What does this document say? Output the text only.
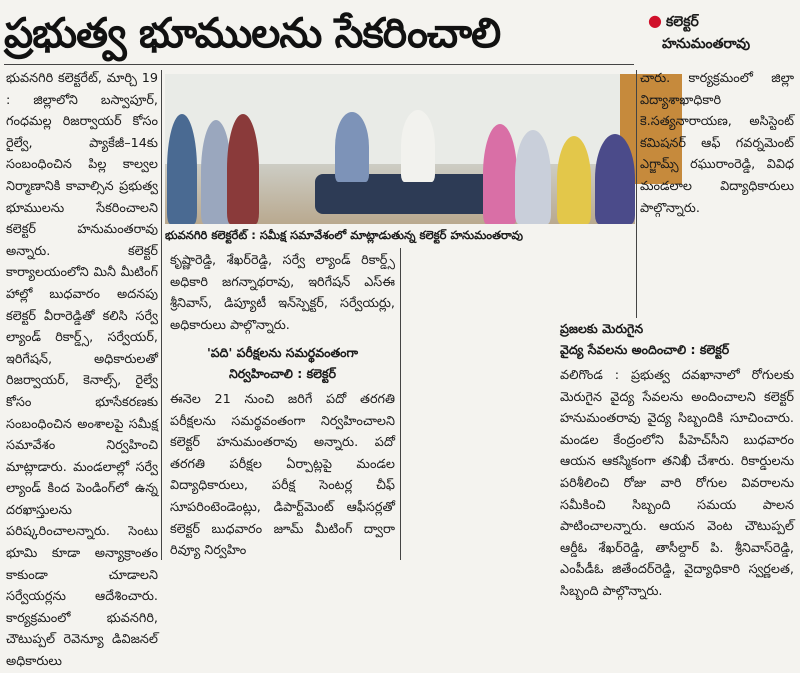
ప్రభుత్వ భూములను సేకరించాలి	● కలెక్టర్
హనుమంతరావు

భువనగిరి కలెక్టరేట్, మార్చి 19 : జిల్లాలోని బస్వాపూర్, గంధమల్ల రిజర్వాయర్ కోసం రైల్వే, ప్యాకేజీ–14కు సంబంధించిన పిల్ల కాల్వల నిర్మాణానికి కావాల్సిన ప్రభుత్వ భూములను సేకరించాలని కలెక్టర్ హనుమంతరావు అన్నారు. కలెక్టర్ కార్యాలయంలోని మినీ మీటింగ్ హాల్లో బుధవారం అదనపు కలెక్టర్ వీరారెడ్డితో కలిసి సర్వే ల్యాండ్ రికార్డ్స్, సర్వేయర్, ఇరిగేషన్, అధికారులతో రిజర్వాయర్, కెనాల్స్, రైల్వే కోసం భూసేకరణకు సంబంధించిన అంశాలపై సమీక్ష సమావేశం నిర్వహించి మాట్లాడారు. మండలాల్లో సర్వే ల్యాండ్ కింద పెండింగ్‌లో ఉన్న దరఖాస్తులను పరిష్కరించాలన్నారు. సెంటు భూమి కూడా అన్యాక్రాంతం కాకుండా చూడాలని సర్వేయర్లను ఆదేశించారు. కార్యక్రమంలో భువనగిరి, చౌటుప్పల్ రెవెన్యూ డివిజనల్ అధికారులు

భువనగిరి కలెక్టరేట్ : సమీక్ష సమావేశంలో మాట్లాడుతున్న కలెక్టర్ హనుమంతరావు

కృష్ణారెడ్డి, శేఖర్‌రెడ్డి, సర్వే ల్యాండ్ రికార్డ్స్ అధికారి జగన్నాథరావు, ఇరిగేషన్ ఎస్ఈ శ్రీనివాస్, డిప్యూటీ ఇన్‌స్పెక్టర్, సర్వేయర్లు, అధికారులు పాల్గొన్నారు.

'పది' పరీక్షలను సమర్థవంతంగా
నిర్వహించాలి : కలెక్టర్

ఈనెల 21 నుంచి జరిగే పదో తరగతి పరీక్షలను సమర్థవంతంగా నిర్వహించాలని కలెక్టర్ హనుమంతరావు అన్నారు. పదో తరగతి పరీక్షల ఏర్పాట్లపై మండల విద్యాధికారులు, పరీక్ష సెంటర్ల చీఫ్ సూపరింటెండెంట్లు, డిపార్ట్‌మెంట్ ఆఫీసర్లతో కలెక్టర్ బుధవారం జూమ్ మీటింగ్ ద్వారా రివ్యూ నిర్వహిం

చారు. కార్యక్రమంలో జిల్లా విద్యాశాఖాధికారి కె.సత్యనారాయణ, అసిస్టెంట్ కమిషనర్ ఆఫ్ గవర్నమెంట్ ఎగ్జామ్స్ రఘురాంరెడ్డి, వివిధ మండలాల విద్యాధికారులు పాల్గొన్నారు.

ప్రజలకు మెరుగైన
వైద్య సేవలను అందించాలి : కలెక్టర్

వలిగొండ : ప్రభుత్వ దవఖానాలో రోగులకు మెరుగైన వైద్య సేవలను అందించాలని కలెక్టర్ హనుమంతరావు వైద్య సిబ్బందికి సూచించారు. మండల కేంద్రంలోని పీహెచ్‌సీని బుధవారం ఆయన ఆకస్మికంగా తనిఖీ చేశారు. రికార్డులను పరిశీలించి రోజు వారి రోగుల వివరాలను సమీకించి సిబ్బంది సమయ పాలన పాటించాలన్నారు. ఆయన వెంట చౌటుప్పల్ ఆర్డీఓ శేఖర్‌రెడ్డి, తాసీల్దార్ పి. శ్రీనివాస్‌రెడ్డి, ఎంపీడీఓ జితేందర్‌రెడ్డి, వైద్యాధికారి స్వర్ణలత, సిబ్బంది పాల్గొన్నారు.
